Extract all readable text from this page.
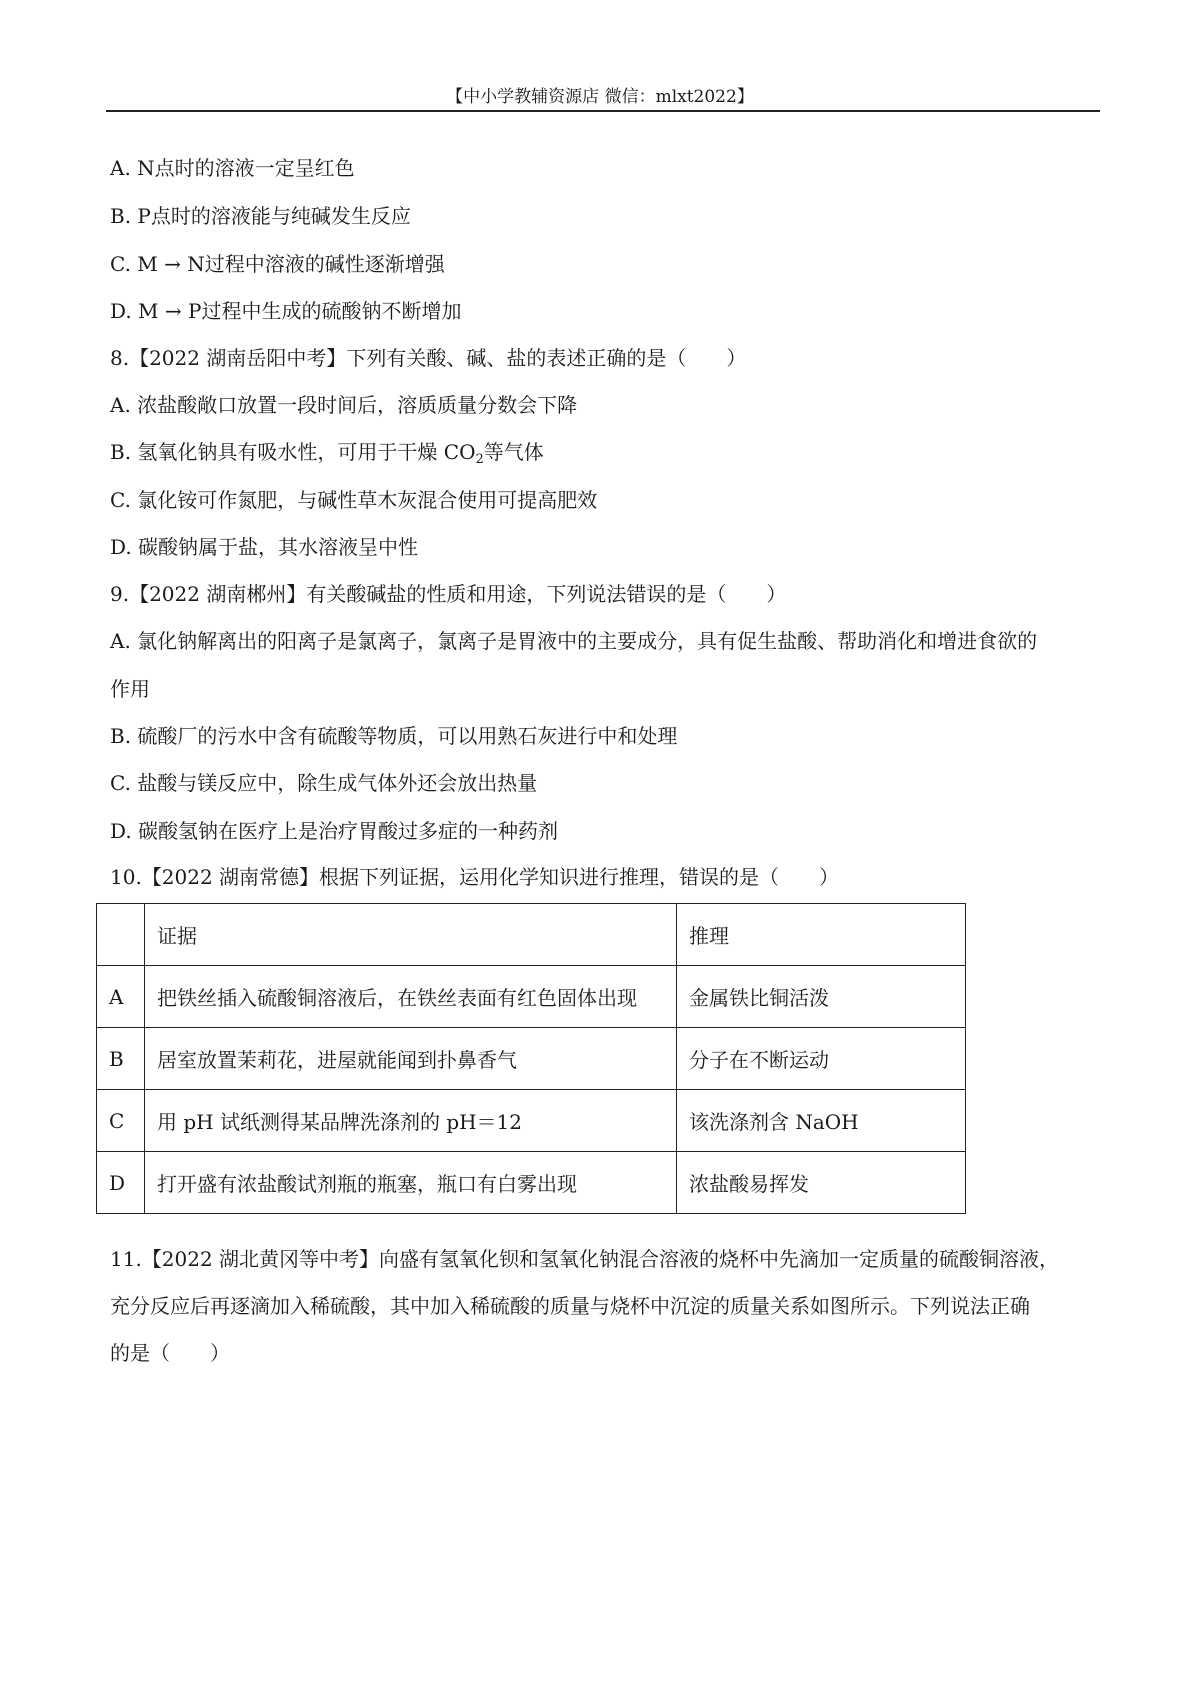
【中小学教辅资源店 微信：mlxt2022】
A. N点时的溶液一定呈红色
B. P点时的溶液能与纯碱发生反应
C. M → N过程中溶液的碱性逐渐增强
D. M → P过程中生成的硫酸钠不断增加
8.【2022 湖南岳阳中考】下列有关酸、碱、盐的表述正确的是（　　）
A. 浓盐酸敞口放置一段时间后，溶质质量分数会下降
B. 氢氧化钠具有吸水性，可用于干燥 $CO_2$等气体
C. 氯化铵可作氮肥，与碱性草木灰混合使用可提高肥效
D. 碳酸钠属于盐，其水溶液呈中性
9.【2022 湖南郴州】有关酸碱盐的性质和用途，下列说法错误的是（　　）
A. 氯化钠解离出的阳离子是氯离子，氯离子是胃液中的主要成分，具有促生盐酸、帮助消化和增进食欲的
作用
B. 硫酸厂的污水中含有硫酸等物质，可以用熟石灰进行中和处理
C. 盐酸与镁反应中，除生成气体外还会放出热量
D. 碳酸氢钠在医疗上是治疗胃酸过多症的一种药剂
10.【2022 湖南常德】根据下列证据，运用化学知识进行推理，错误的是（　　）
	证据	推理
A	把铁丝插入硫酸铜溶液后，在铁丝表面有红色固体出现	金属铁比铜活泼
B	居室放置茉莉花，进屋就能闻到扑鼻香气	分子在不断运动
C	用 pH 试纸测得某品牌洗涤剂的 pH＝12	该洗涤剂含 NaOH
D	打开盛有浓盐酸试剂瓶的瓶塞，瓶口有白雾出现	浓盐酸易挥发
11.【2022 湖北黄冈等中考】向盛有氢氧化钡和氢氧化钠混合溶液的烧杯中先滴加一定质量的硫酸铜溶液，
充分反应后再逐滴加入稀硫酸，其中加入稀硫酸的质量与烧杯中沉淀的质量关系如图所示。下列说法正确
的是（　　）
